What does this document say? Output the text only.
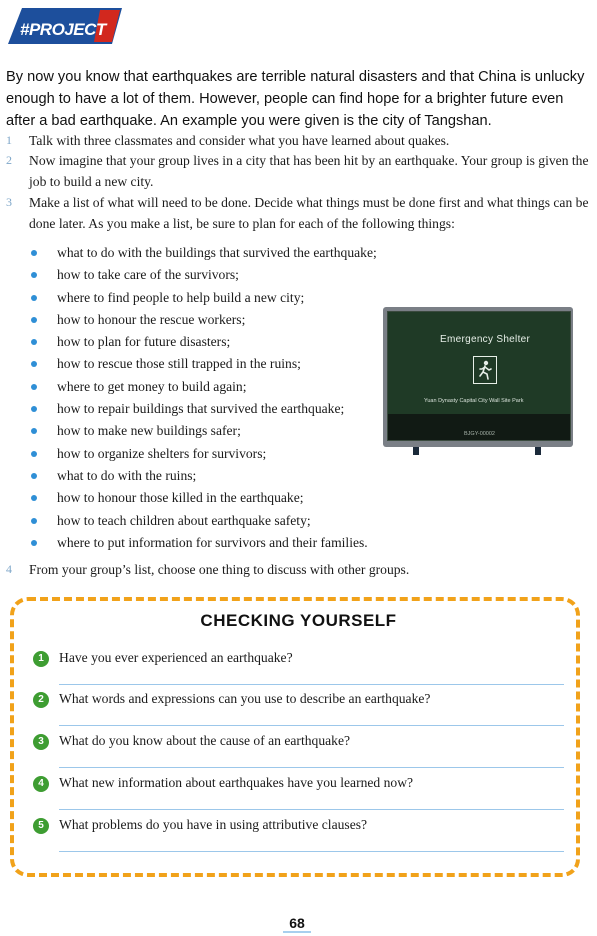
#PROJECT

By now you know that earthquakes are terrible natural disasters and that China is unlucky enough to have a lot of them. However, people can find hope for a brighter future even after a bad earthquake. An example you were given is the city of Tangshan.

1	Talk with three classmates and consider what you have learned about quakes.
2	Now imagine that your group lives in a city that has been hit by an earthquake. Your group is given the job to build a new city.
3	Make a list of what will need to be done. Decide what things must be done first and what things can be done later. As you make a list, be sure to plan for each of the following things:
what to do with the buildings that survived the earthquake;
how to take care of the survivors;
where to find people to help build a new city;
how to honour the rescue workers;
how to plan for future disasters;
how to rescue those still trapped in the ruins;
where to get money to build again;
how to repair buildings that survived the earthquake;
how to make new buildings safer;
how to organize shelters for survivors;
what to do with the ruins;
how to honour those killed in the earthquake;
how to teach children about earthquake safety;
where to put information for survivors and their families.
Emergency Shelter
Yuan Dynasty Capital City Wall Site Park
BJGY-00002
4	From your group’s list, choose one thing to discuss with other groups.
CHECKING YOURSELF
1	Have you ever experienced an earthquake?
2	What words and expressions can you use to describe an earthquake?
3	What do you know about the cause of an earthquake?
4	What new information about earthquakes have you learned now?
5	What problems do you have in using attributive clauses?
68
